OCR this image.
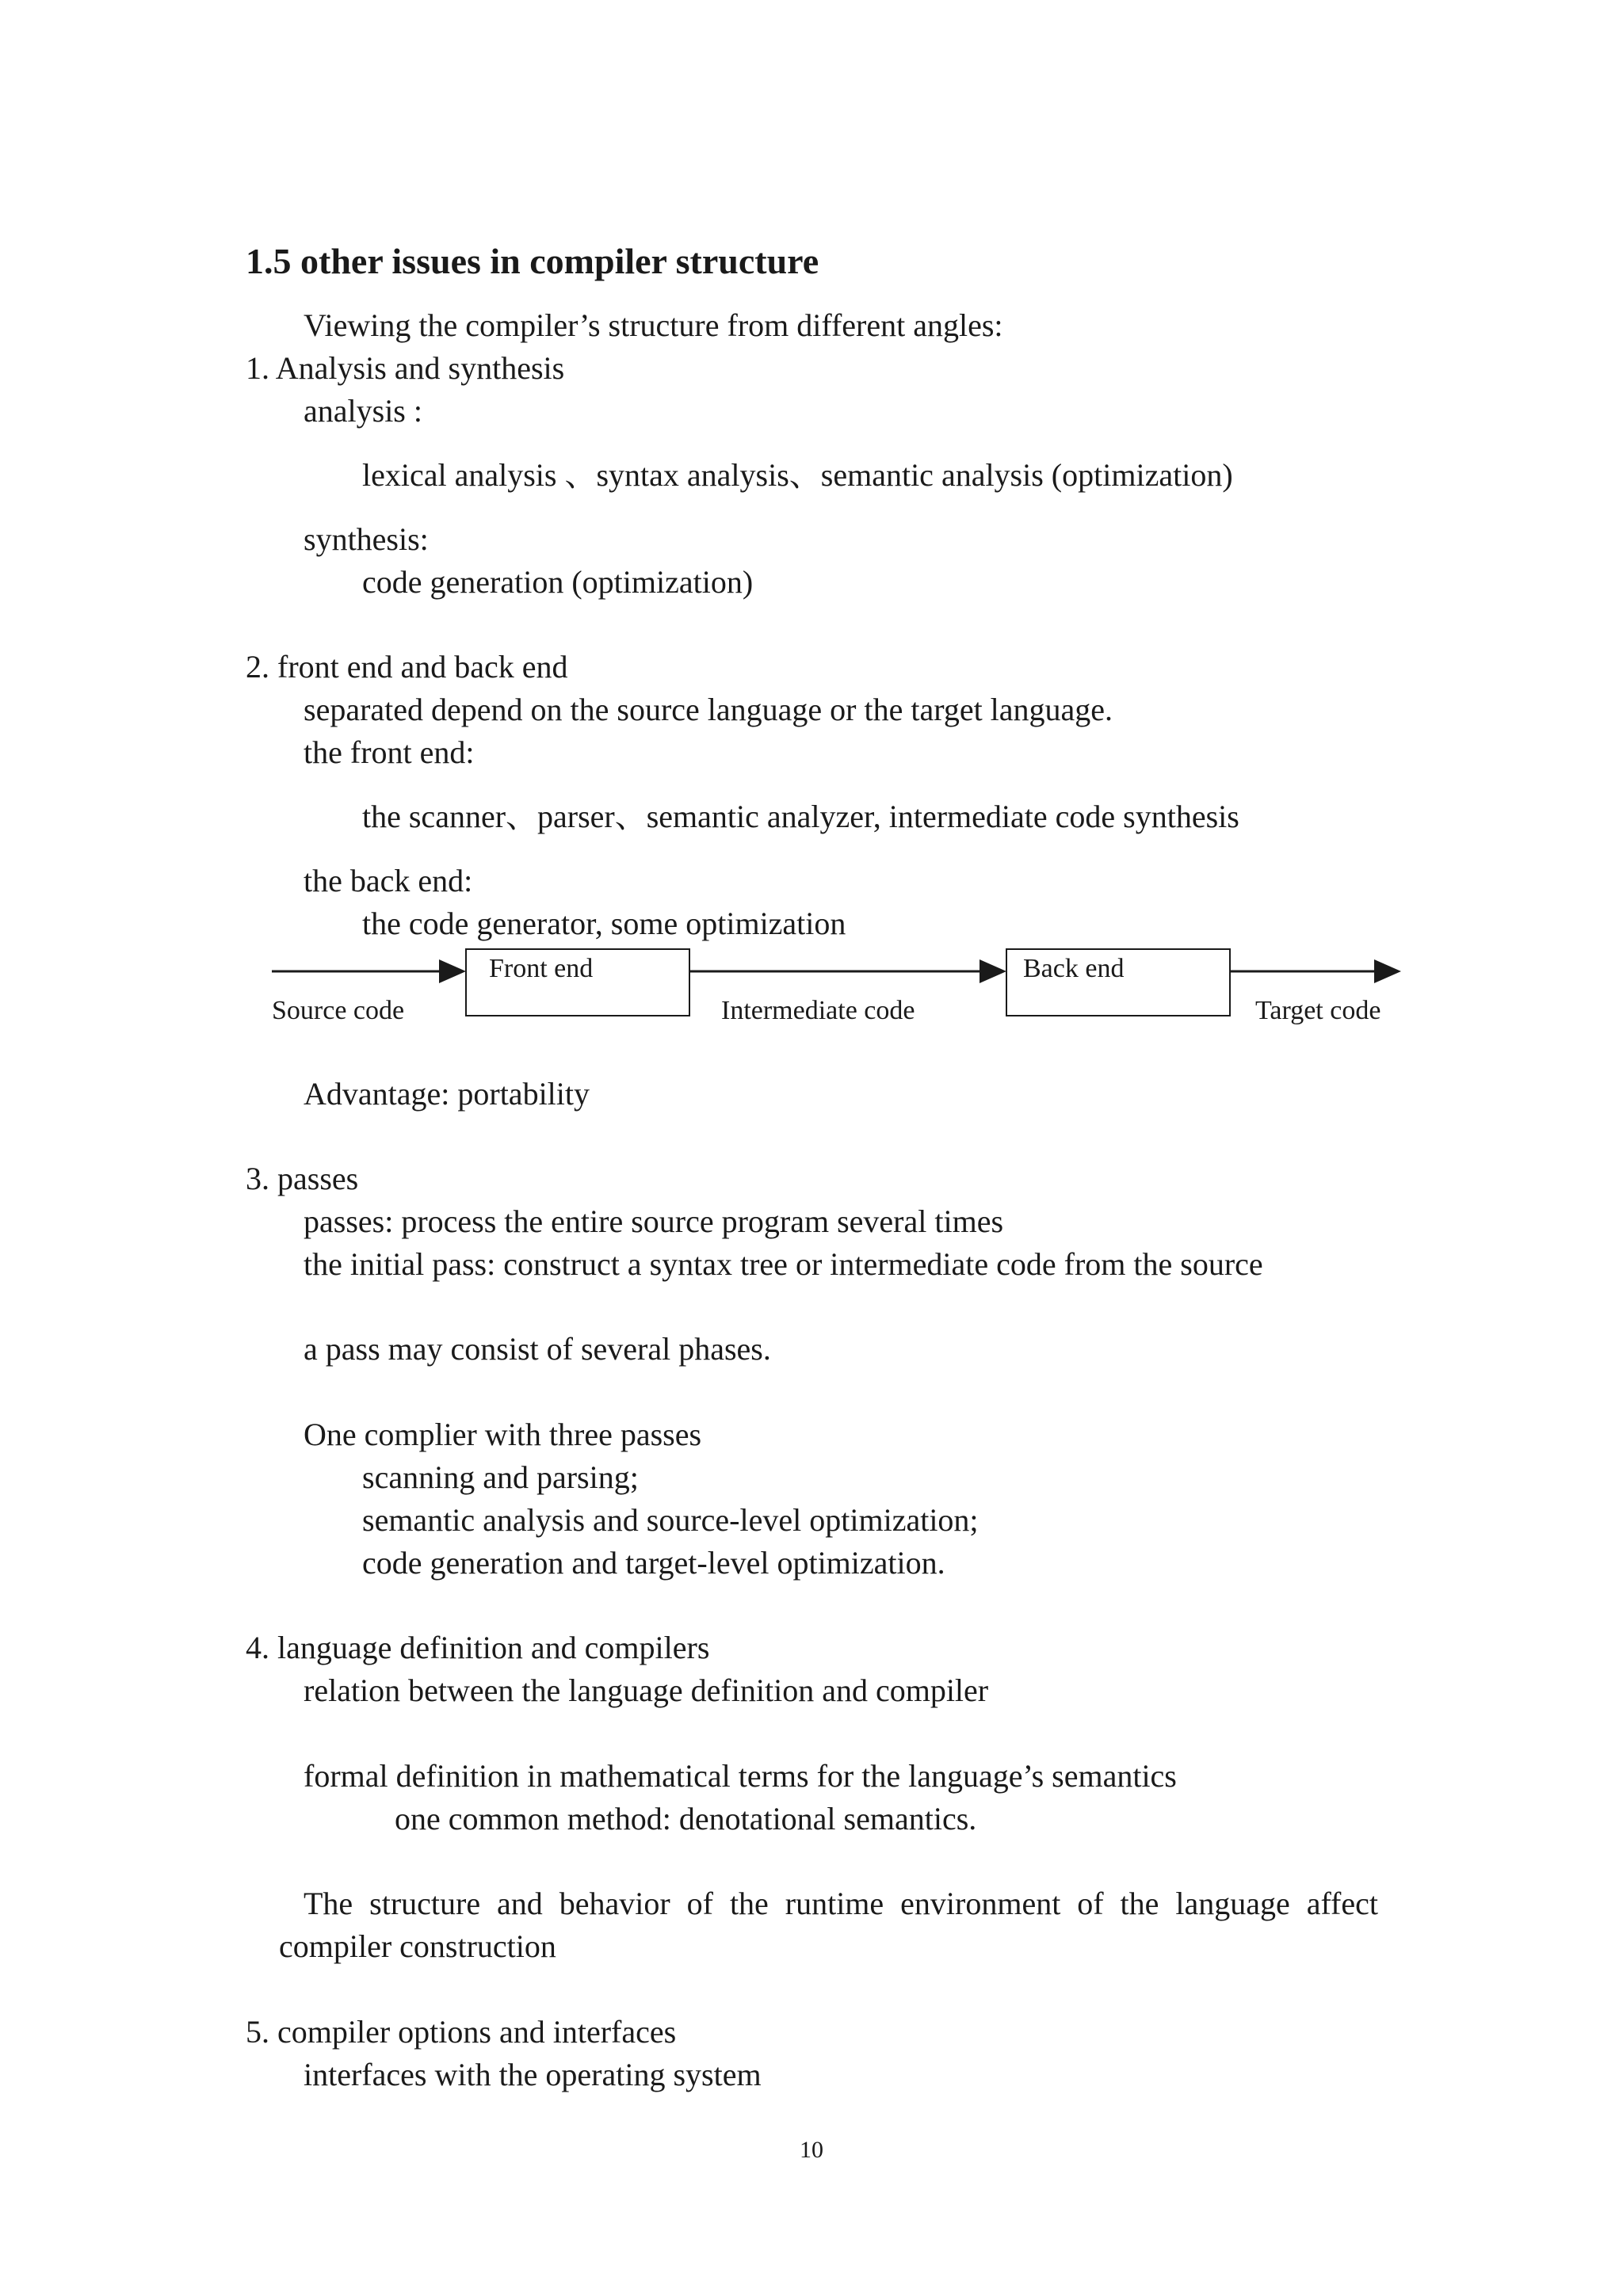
1.5 other issues in compiler structure
Viewing the compiler’s structure from different angles:
1. Analysis and synthesis
analysis :
lexical analysis 、syntax analysis、semantic analysis (optimization)
synthesis:
code generation (optimization)
2. front end and back end
separated depend on the source language or the target language.
the front end:
the scanner、parser、semantic analyzer, intermediate code synthesis
the back end:
the code generator, some optimization
Front end	Back end
Source code	Intermediate code	Target code
Advantage: portability
3. passes
passes: process the entire source program several times
the initial pass: construct a syntax tree or intermediate code from the source
a pass may consist of several phases.
One complier with three passes
scanning and parsing;
semantic analysis and source-level optimization;
code generation and target-level optimization.
4. language definition and compilers
relation between the language definition and compiler
formal definition in mathematical terms for the language’s semantics
one common method: denotational semantics.
The structure and behavior of the runtime environment of the language affect
compiler construction
5. compiler options and interfaces
interfaces with the operating system
10
